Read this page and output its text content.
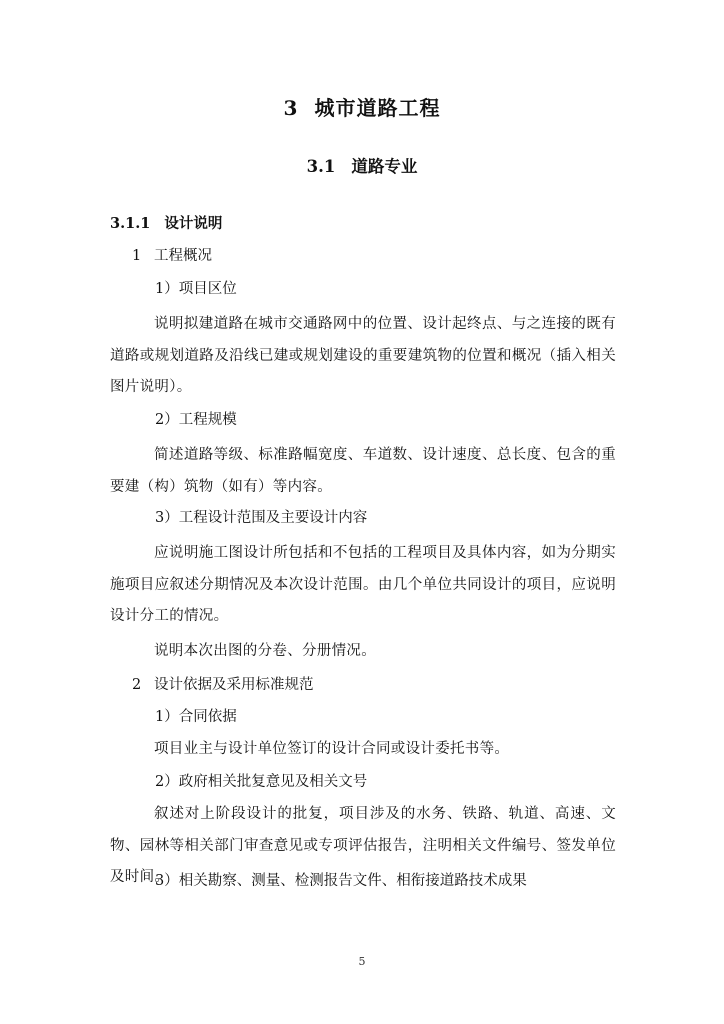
3 城市道路工程
3.1 道路专业
3.1.1 设计说明
1 工程概况
1）项目区位
说明拟建道路在城市交通路网中的位置、设计起终点、与之连接的既有道路或规划道路及沿线已建或规划建设的重要建筑物的位置和概况（插入相关图片说明）。
2）工程规模
简述道路等级、标准路幅宽度、车道数、设计速度、总长度、包含的重要建（构）筑物（如有）等内容。
3）工程设计范围及主要设计内容
应说明施工图设计所包括和不包括的工程项目及具体内容，如为分期实施项目应叙述分期情况及本次设计范围。由几个单位共同设计的项目，应说明设计分工的情况。
说明本次出图的分卷、分册情况。
2 设计依据及采用标准规范
1）合同依据
项目业主与设计单位签订的设计合同或设计委托书等。
2）政府相关批复意见及相关文号
叙述对上阶段设计的批复，项目涉及的水务、铁路、轨道、高速、文物、园林等相关部门审查意见或专项评估报告，注明相关文件编号、签发单位及时间。
3）相关勘察、测量、检测报告文件、相衔接道路技术成果
5
